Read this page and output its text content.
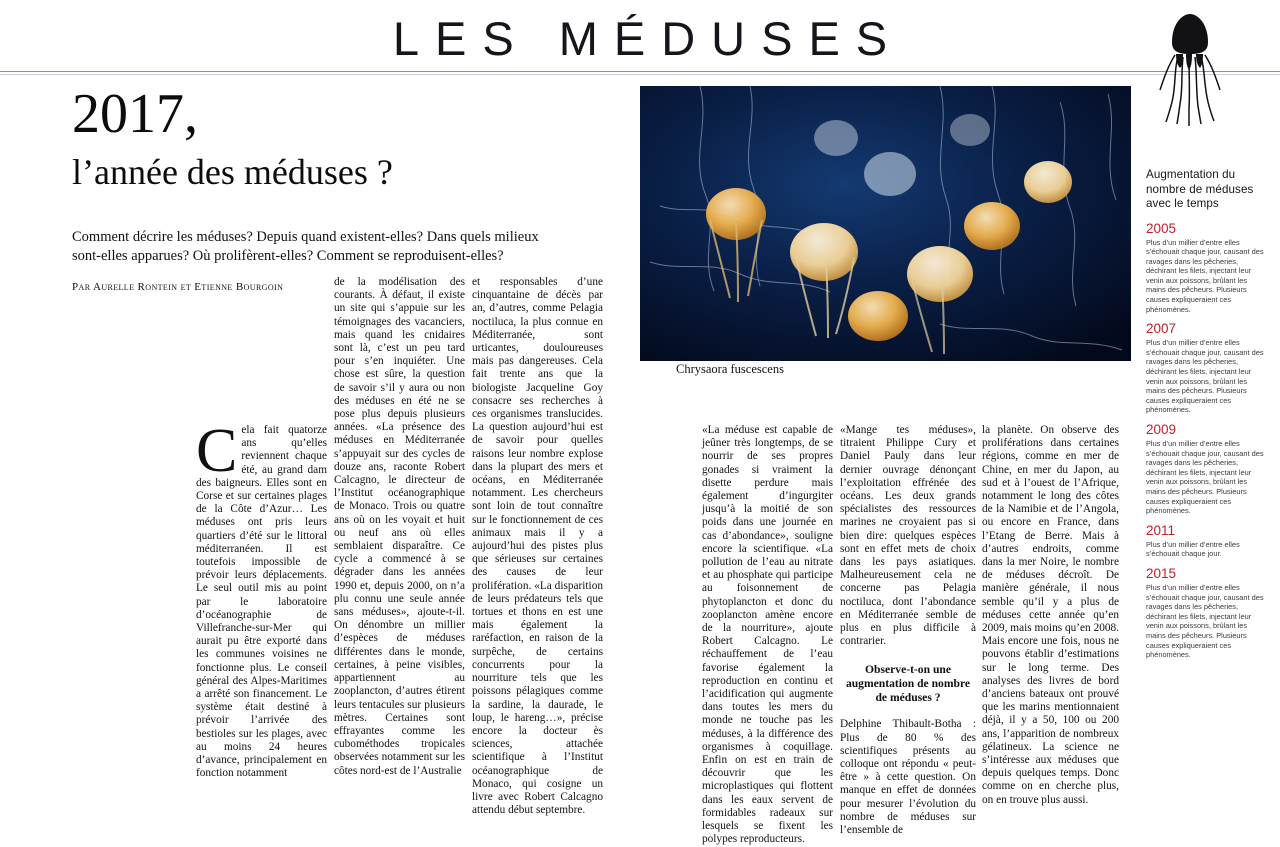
LES MÉDUSES
2017,
l’année des méduses ?
Comment décrire les méduses? Depuis quand existent-elles? Dans quels milieux sont-elles apparues? Où prolifèrent-elles? Comment se reproduisent-elles?
Par Aurelle Rontein et Etienne Bourgoin
Chrysaora fuscescens

Cela fait quatorze ans qu’elles reviennent chaque été, au grand dam des baigneurs. Elles sont en Corse et sur certaines plages de la Côte d’Azur… Les méduses ont pris leurs quartiers d’été sur le littoral méditerranéen. Il est toutefois impossible de prévoir leurs déplacements. Le seul outil mis au point par le laboratoire d’océanographie de Villefranche-sur-Mer qui aurait pu être exporté dans les communes voisines ne fonctionne plus. Le conseil général des Alpes-Maritimes a arrêté son financement. Le système était destiné à prévoir l’arrivée des bestioles sur les plages, avec au moins 24 heures d’avance, principalement en fonction notamment

de la modélisation des courants. À défaut, il existe un site qui s’appuie sur les témoignages des vacanciers, mais quand les cnidaires sont là, c’est un peu tard pour s’en inquiéter. Une chose est sûre, la question de savoir s’il y aura ou non des méduses en été ne se pose plus depuis plusieurs années. «La présence des méduses en Méditerranée s’appuyait sur des cycles de douze ans, raconte Robert Calcagno, le directeur de l’Institut océanographique de Monaco. Trois ou quatre ans où on les voyait et huit ou neuf ans où elles semblaient disparaître. Ce cycle a commencé à se dégrader dans les années 1990 et, depuis 2000, on n’a plu connu une seule année sans méduses», ajoute-t-il. On dénombre un millier d’espèces de méduses différentes dans le monde, certaines, à peine visibles, appartiennent au zooplancton, d’autres étirent leurs tentacules sur plusieurs mètres. Certaines sont effrayantes comme les cubométhodes tropicales observées notamment sur les côtes nord-est de l’Australie

et responsables d’une cinquantaine de décès par an, d’autres, comme Pelagia noctiluca, la plus connue en Méditerranée, sont urticantes, douloureuses mais pas dangereuses. Cela fait trente ans que la biologiste Jacqueline Goy consacre ses recherches à ces organismes translucides. La question aujourd’hui est de savoir pour quelles raisons leur nombre explose dans la plupart des mers et océans, en Méditerranée notamment. Les chercheurs sont loin de tout connaître sur le fonctionnement de ces animaux mais il y a aujourd’hui des pistes plus que sérieuses sur certaines des causes de leur prolifération. «La disparition de leurs prédateurs tels que tortues et thons en est une mais également la raréfaction, en raison de la surpêche, de certains concurrents pour la nourriture tels que les poissons pélagiques comme la sardine, la daurade, le loup, le hareng…», précise encore la docteur ès sciences, attachée scientifique à l’Institut océanographique de Monaco, qui cosigne un livre avec Robert Calcagno attendu début septembre.

«La méduse est capable de jeûner très longtemps, de se nourrir de ses propres gonades si vraiment la disette perdure mais également d’ingurgiter jusqu’à la moitié de son poids dans une journée en cas d’abondance», souligne encore la scientifique. «La pollution de l’eau au nitrate et au phosphate qui participe au foisonnement de phytoplancton et donc du zooplancton amène encore de la nourriture», ajoute Robert Calcagno. Le réchauffement de l’eau favorise également la reproduction en continu et l’acidification qui augmente dans toutes les mers du monde ne touche pas les méduses, à la différence des organismes à coquillage. Enfin on est en train de découvrir que les microplastiques qui flottent dans les eaux servent de formidables radeaux sur lesquels se fixent les polypes reproducteurs.

«Mange tes méduses», titraient Philippe Cury et Daniel Pauly dans leur dernier ouvrage dénonçant l’exploitation effrénée des océans. Les deux grands spécialistes des ressources marines ne croyaient pas si bien dire: quelques espèces sont en effet mets de choix dans les pays asiatiques. Malheureusement cela ne concerne pas Pelagia noctiluca, dont l’abondance en Méditerranée semble de plus en plus difficile à contrarier.

Observe-t-on une augmentation de nombre de méduses ?

Delphine Thibault-Botha : Plus de 80 % des scientifiques présents au colloque ont répondu « peut-être » à cette question. On manque en effet de données pour mesurer l’évolution du nombre de méduses sur l’ensemble de

la planète. On observe des proliférations dans certaines régions, comme en mer de Chine, en mer du Japon, au sud et à l’ouest de l’Afrique, notamment le long des côtes de la Namibie et de l’Angola, ou encore en France, dans l’Etang de Berre. Mais à d’autres endroits, comme dans la mer Noire, le nombre de méduses décroît. De manière générale, il nous semble qu’il y a plus de méduses cette année qu’en 2009, mais moins qu’en 2008. Mais encore une fois, nous ne pouvons établir d’estimations sur le long terme. Des analyses des livres de bord d’anciens bateaux ont prouvé que les marins mentionnaient déjà, il y a 50, 100 ou 200 ans, l’apparition de nombreux gélatineux. La science ne s’intéresse aux méduses que depuis quelques temps. Donc comme on en cherche plus, on en trouve plus aussi.

Augmentation du nombre de méduses avec le temps
2005
Plus d’un millier d’entre elles s’échouait chaque jour, causant des ravages dans les pêcheries, déchirant les filets, injectant leur venin aux poissons, brûlant les mains des pêcheurs. Plusieurs causes expliqueraient ces phénomènes.
2007
Plus d’un millier d’entre elles s’échouait chaque jour, causant des ravages dans les pêcheries, déchirant les filets, injectant leur venin aux poissons, brûlant les mains des pêcheurs. Plusieurs causes expliqueraient ces phénomènes.
2009
Plus d’un millier d’entre elles s’échouait chaque jour, causant des ravages dans les pêcheries, déchirant les filets, injectant leur venin aux poissons, brûlant les mains des pêcheurs. Plusieurs causes expliqueraient ces phénomènes.
2011
Plus d’un millier d’entre elles s’échouait chaque jour.
2015
Plus d’un millier d’entre elles s’échouait chaque jour, causant des ravages dans les pêcheries, déchirant les filets, injectant leur venin aux poissons, brûlant les mains des pêcheurs. Plusieurs causes expliqueraient ces phénomènes.
